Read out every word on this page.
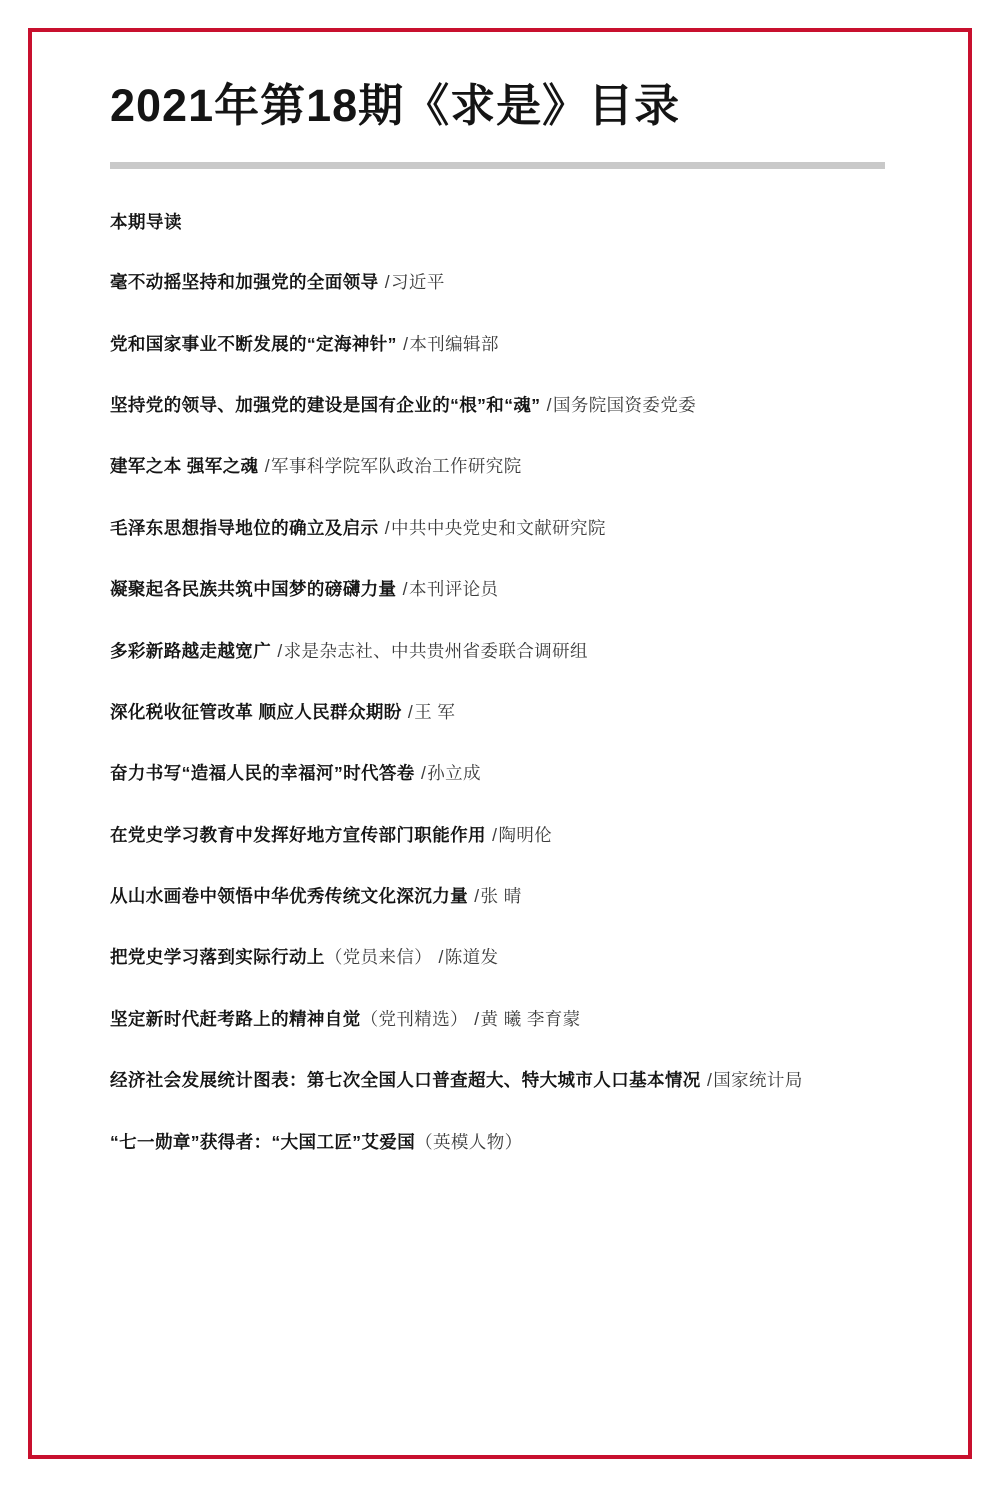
2021年第18期《求是》目录
本期导读
毫不动摇坚持和加强党的全面领导 /习近平
党和国家事业不断发展的“定海神针” /本刊编辑部
坚持党的领导、加强党的建设是国有企业的“根”和“魂” /国务院国资委党委
建军之本 强军之魂 /军事科学院军队政治工作研究院
毛泽东思想指导地位的确立及启示 /中共中央党史和文献研究院
凝聚起各民族共筑中国梦的磅礴力量 /本刊评论员
多彩新路越走越宽广 /求是杂志社、中共贵州省委联合调研组
深化税收征管改革 顺应人民群众期盼 /王 军
奋力书写“造福人民的幸福河”时代答卷 /孙立成
在党史学习教育中发挥好地方宣传部门职能作用 /陶明伦
从山水画卷中领悟中华优秀传统文化深沉力量 /张 晴
把党史学习落到实际行动上（党员来信） /陈道发
坚定新时代赶考路上的精神自觉（党刊精选） /黄 曦 李育蒙
经济社会发展统计图表：第七次全国人口普查超大、特大城市人口基本情况 /国家统计局
“七一勋章”获得者：“大国工匠”艾爱国（英模人物）
